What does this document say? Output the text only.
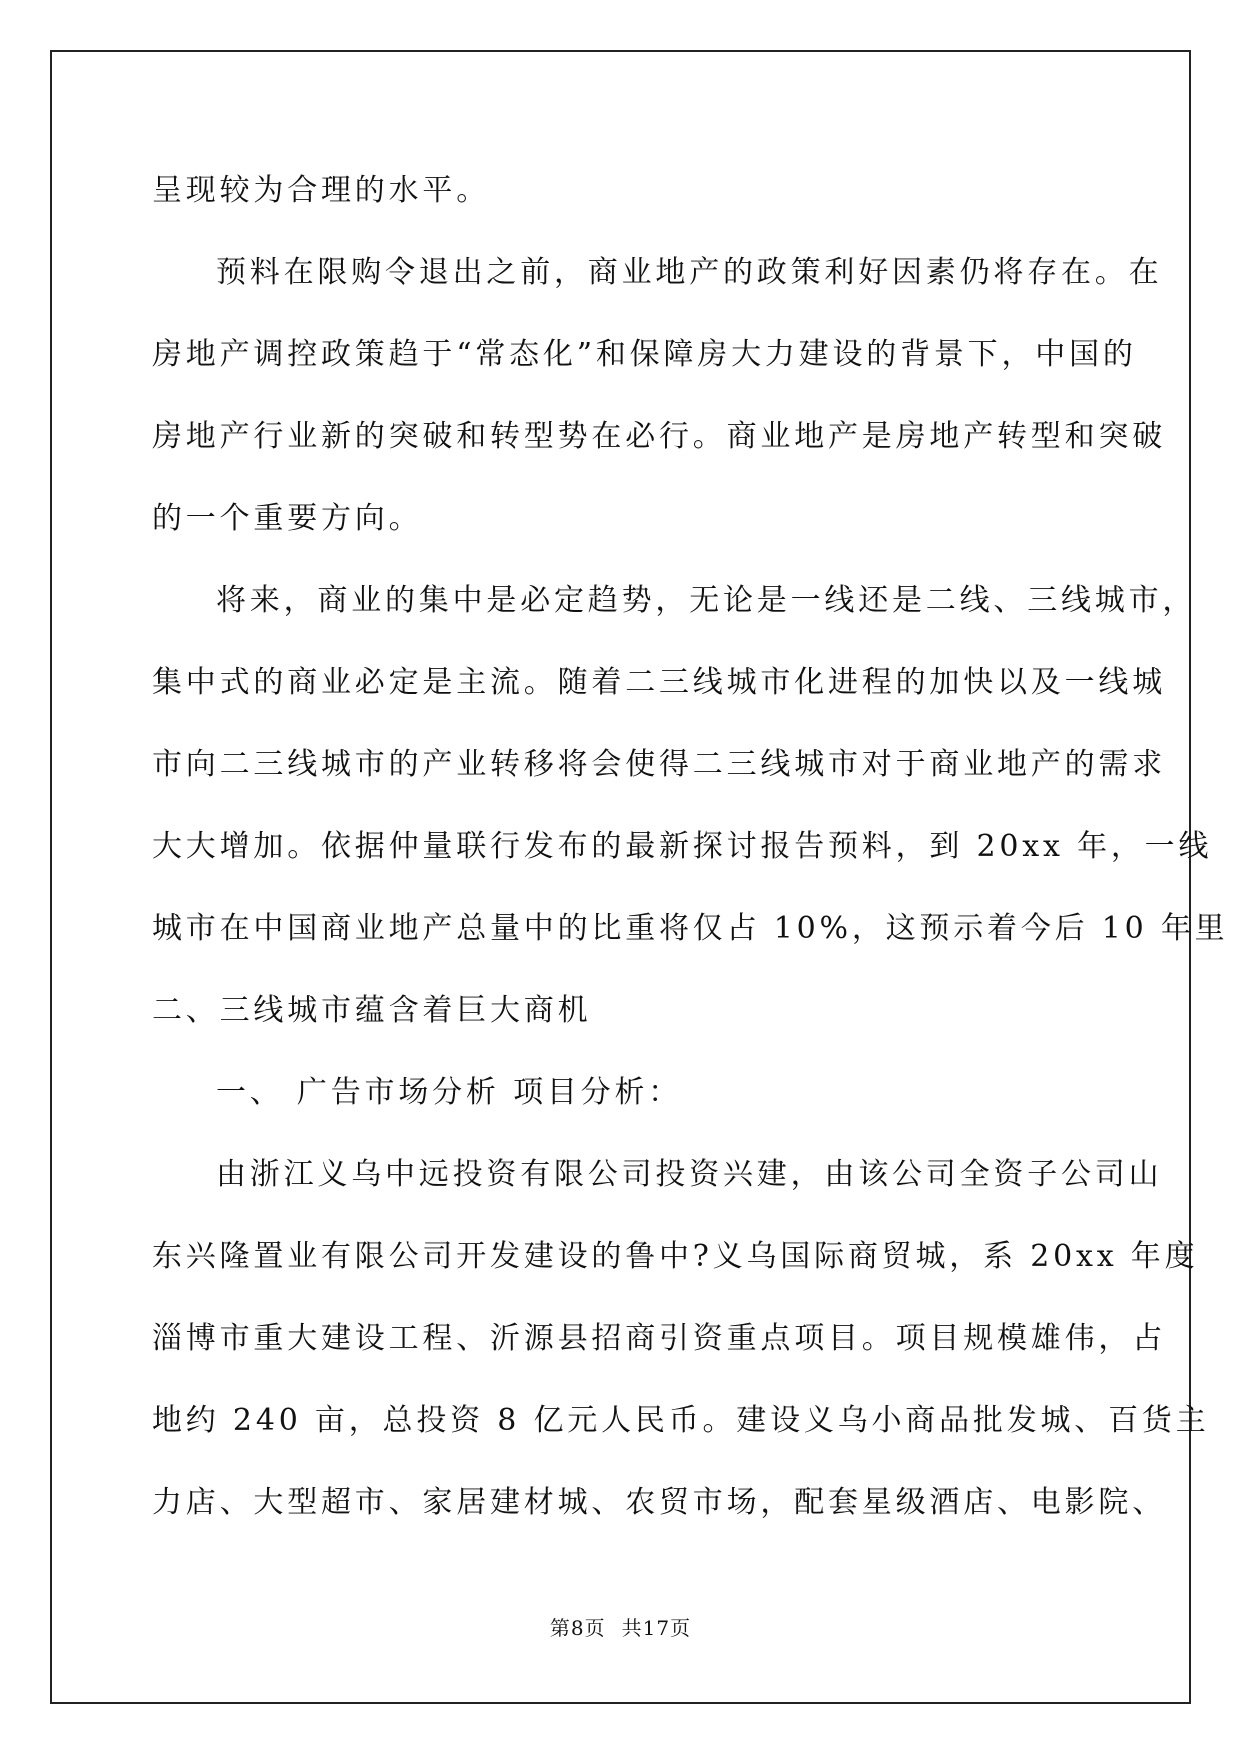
呈现较为合理的水平。
预料在限购令退出之前，商业地产的政策利好因素仍将存在。在
房地产调控政策趋于“常态化”和保障房大力建设的背景下，中国的
房地产行业新的突破和转型势在必行。商业地产是房地产转型和突破
的一个重要方向。
将来，商业的集中是必定趋势，无论是一线还是二线、三线城市，
集中式的商业必定是主流。随着二三线城市化进程的加快以及一线城
市向二三线城市的产业转移将会使得二三线城市对于商业地产的需求
大大增加。依据仲量联行发布的最新探讨报告预料，到 20xx 年，一线
城市在中国商业地产总量中的比重将仅占 10%，这预示着今后 10 年里
二、三线城市蕴含着巨大商机
一、 广告市场分析 项目分析：
由浙江义乌中远投资有限公司投资兴建，由该公司全资子公司山
东兴隆置业有限公司开发建设的鲁中?义乌国际商贸城，系 20xx 年度
淄博市重大建设工程、沂源县招商引资重点项目。项目规模雄伟，占
地约 240 亩，总投资 8 亿元人民币。建设义乌小商品批发城、百货主
力店、大型超市、家居建材城、农贸市场，配套星级酒店、电影院、
第8页 共17页
